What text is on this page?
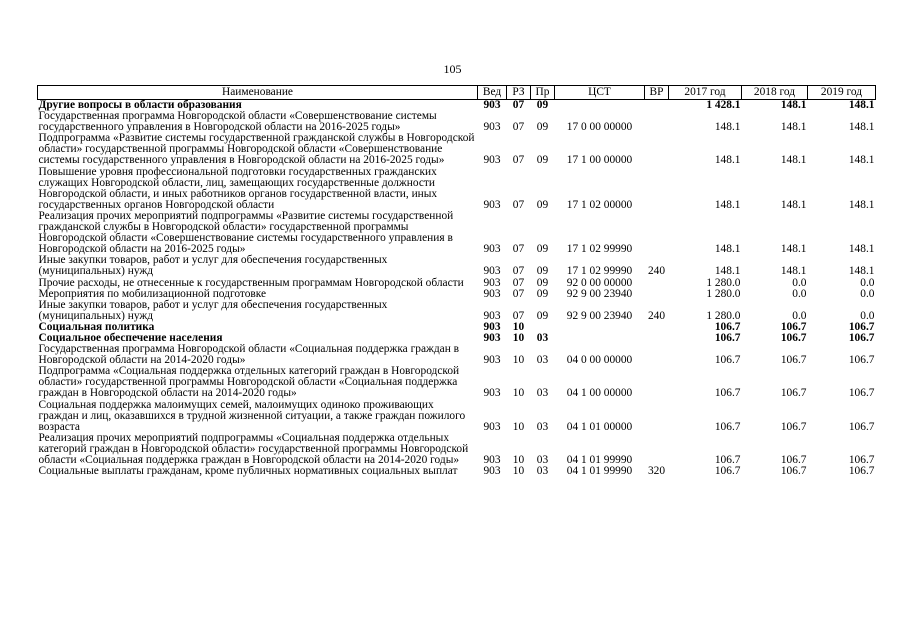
105
Наименование	Вед	РЗ	Пр	ЦСТ	ВР	2017 год	2018 год	2019 год
Другие вопросы в области образования	903	07	09			1 428.1	148.1	148.1
Государственная программа Новгородской области «Совершенствование системы государственного управления в Новгородской области на 2016-2025 годы»	903	07	09	17 0 00 00000		148.1	148.1	148.1
Подпрограмма «Развитие системы государственной гражданской службы в Новгородской области» государственной программы Новгородской области «Совершенствование системы государственного управления в Новгородской области на 2016-2025 годы»	903	07	09	17 1 00 00000		148.1	148.1	148.1
Повышение уровня профессиональной подготовки государственных гражданских служащих Новгородской области, лиц, замещающих государственные должности Новгородской области, и иных работников органов государственной власти, иных государственных органов Новгородской области	903	07	09	17 1 02 00000		148.1	148.1	148.1
Реализация прочих мероприятий подпрограммы «Развитие системы государственной гражданской службы в Новгородской области» государственной программы Новгородской области «Совершенствование системы государственного управления в Новгородской области на 2016-2025 годы»	903	07	09	17 1 02 99990		148.1	148.1	148.1
Иные закупки товаров, работ и услуг для обеспечения государственных (муниципальных) нужд	903	07	09	17 1 02 99990	240	148.1	148.1	148.1
Прочие расходы, не отнесенные к государственным программам Новгородской области	903	07	09	92 0 00 00000		1 280.0	0.0	0.0
Мероприятия по мобилизационной подготовке	903	07	09	92 9 00 23940		1 280.0	0.0	0.0
Иные закупки товаров, работ и услуг для обеспечения государственных (муниципальных) нужд	903	07	09	92 9 00 23940	240	1 280.0	0.0	0.0
Социальная политика	903	10				106.7	106.7	106.7
Социальное обеспечение населения	903	10	03			106.7	106.7	106.7
Государственная программа Новгородской области «Социальная поддержка граждан в Новгородской области на 2014-2020 годы»	903	10	03	04 0 00 00000		106.7	106.7	106.7
Подпрограмма «Социальная поддержка отдельных категорий граждан в Новгородской области» государственной программы Новгородской области «Социальная поддержка граждан в Новгородской области на 2014-2020 годы»	903	10	03	04 1 00 00000		106.7	106.7	106.7
Социальная поддержка малоимущих семей, малоимущих одиноко проживающих граждан и лиц, оказавшихся в трудной жизненной ситуации, а также граждан пожилого возраста	903	10	03	04 1 01 00000		106.7	106.7	106.7
Реализация прочих мероприятий подпрограммы «Социальная поддержка отдельных категорий граждан в Новгородской области» государственной программы Новгородской области «Социальная поддержка граждан в Новгородской области на 2014-2020 годы»	903	10	03	04 1 01 99990		106.7	106.7	106.7
Социальные выплаты гражданам, кроме публичных нормативных социальных выплат	903	10	03	04 1 01 99990	320	106.7	106.7	106.7
